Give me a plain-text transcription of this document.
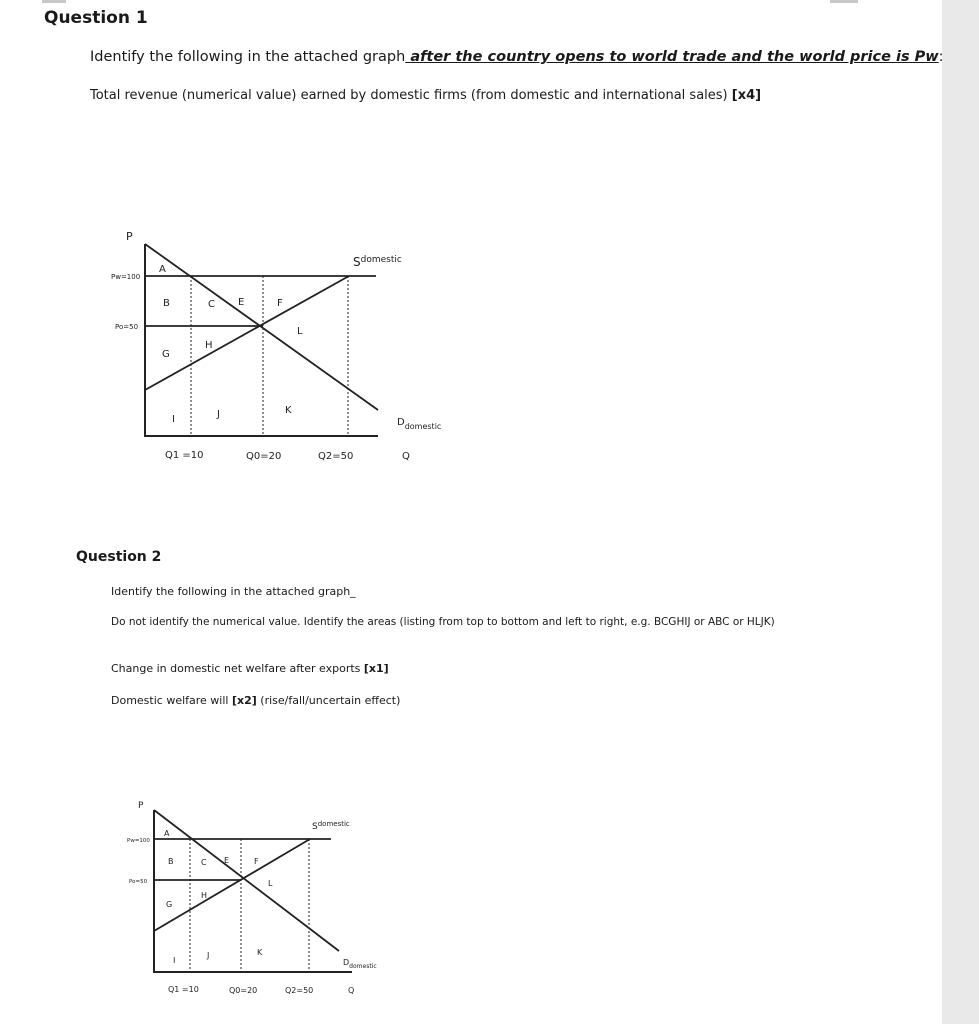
Question 1
Identify the following in the attached graph after the country opens to world trade and the world price is Pw:
Total revenue (numerical value) earned by domestic firms (from domestic and international sales) [x4]
P
Pw=100
Po=50
A
B	C E	F
L
H
G
I	J	K
$S^{domestic}$
$D_{domestic}$
Q1 =10	Q0=20	Q2=50	Q
Question 2
Identify the following in the attached graph_
Do not identify the numerical value. Identify the areas (listing from top to bottom and left to right, e.g. BCGHIJ or ABC or HLJK)
Change in domestic net welfare after exports [x1]
Domestic welfare will [x2] (rise/fall/uncertain effect)
P
Pw=100
Po=50
A
B	C E	F
L
H
G
I
J	K
$S^{domestic}$
$D_{domestic}$
Q1 =10	Q0=20	Q2=50	Q
